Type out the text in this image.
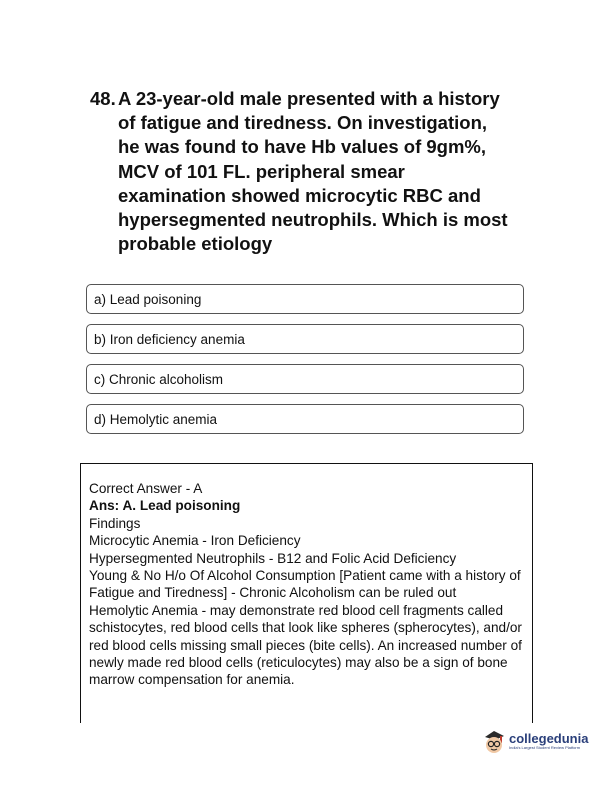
48. A 23-year-old male presented with a history of fatigue and tiredness. On investigation, he was found to have Hb values of 9gm%, MCV of 101 FL. peripheral smear examination showed microcytic RBC and hypersegmented neutrophils. Which is most probable etiology
a) Lead poisoning
b) Iron deficiency anemia
c) Chronic alcoholism
d) Hemolytic anemia
Correct Answer - A
Ans: A. Lead poisoning
Findings
Microcytic Anemia - Iron Deficiency
Hypersegmented Neutrophils - B12 and Folic Acid Deficiency
Young & No H/o Of Alcohol Consumption [Patient came with a history of Fatigue and Tiredness] - Chronic Alcoholism can be ruled out
Hemolytic Anemia - may demonstrate red blood cell fragments called schistocytes, red blood cells that look like spheres (spherocytes), and/or red blood cells missing small pieces (bite cells). An increased number of newly made red blood cells (reticulocytes) may also be a sign of bone marrow compensation for anemia.
collegedunia
India's Largest Student Review Platform
